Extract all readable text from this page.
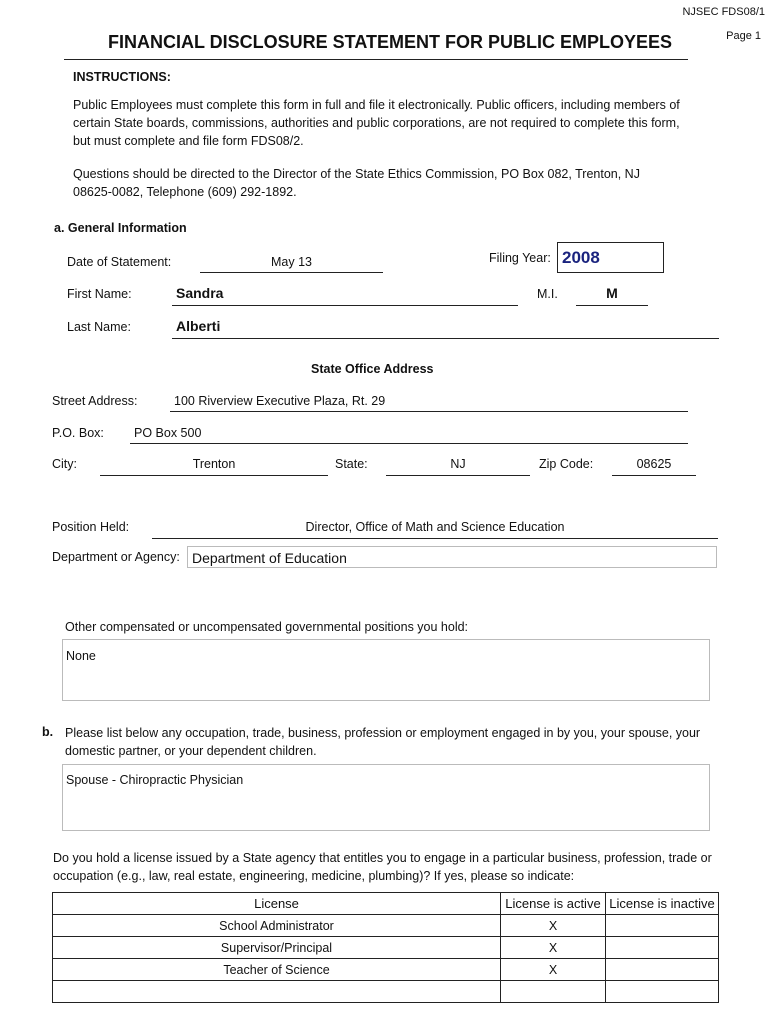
NJSEC FDS08/1
Page 1
FINANCIAL DISCLOSURE STATEMENT FOR PUBLIC EMPLOYEES
INSTRUCTIONS:

Public Employees must complete this form in full and file it electronically. Public officers, including members of certain State boards, commissions, authorities and public corporations, are not required to complete this form, but must complete and file form FDS08/2.

Questions should be directed to the Director of the State Ethics Commission, PO Box 082, Trenton, NJ 08625-0082, Telephone (609) 292-1892.

a. General Information
Date of Statement:	May 13	Filing Year: 2008
First Name:	Sandra	M.I.	M
Last Name:	Alberti
State Office Address
Street Address:	100 Riverview Executive Plaza, Rt. 29
P.O. Box: PO Box 500
City:	Trenton	State:	NJ	Zip Code:	08625
Position Held:	Director, Office of Math and Science Education
Department or Agency: Department of Education
Other compensated or uncompensated governmental positions you hold:
None
b. Please list below any occupation, trade, business, profession or employment engaged in by you, your spouse, your domestic partner, or your dependent children.

Spouse - Chiropractic Physician

Do you hold a license issued by a State agency that entitles you to engage in a particular business, profession, trade or occupation (e.g., law, real estate, engineering, medicine, plumbing)? If yes, please so indicate:

License	License is active	License is inactive
School Administrator	X	
Supervisor/Principal	X	
Teacher of Science	X	
